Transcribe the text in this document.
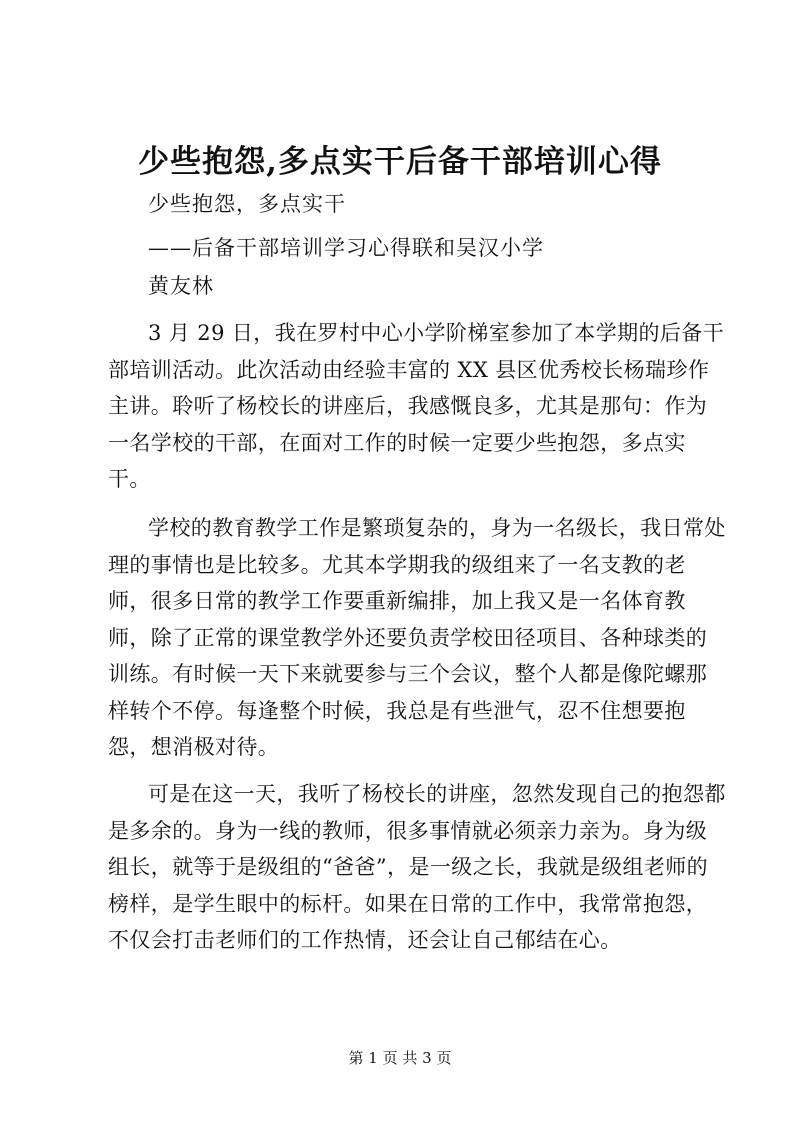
少些抱怨,多点实干后备干部培训心得
少些抱怨，多点实干
——后备干部培训学习心得联和吴汉小学
黄友林

3 月 29 日，我在罗村中心小学阶梯室参加了本学期的后备干部培训活动。此次活动由经验丰富的 XX 县区优秀校长杨瑞珍作主讲。聆听了杨校长的讲座后，我感慨良多，尤其是那句：作为一名学校的干部，在面对工作的时候一定要少些抱怨，多点实干。

学校的教育教学工作是繁琐复杂的，身为一名级长，我日常处理的事情也是比较多。尤其本学期我的级组来了一名支教的老师，很多日常的教学工作要重新编排，加上我又是一名体育教师，除了正常的课堂教学外还要负责学校田径项目、各种球类的训练。有时候一天下来就要参与三个会议，整个人都是像陀螺那样转个不停。每逢整个时候，我总是有些泄气，忍不住想要抱怨，想消极对待。

可是在这一天，我听了杨校长的讲座，忽然发现自己的抱怨都是多余的。身为一线的教师，很多事情就必须亲力亲为。身为级组长，就等于是级组的“爸爸”，是一级之长，我就是级组老师的榜样，是学生眼中的标杆。如果在日常的工作中，我常常抱怨，不仅会打击老师们的工作热情，还会让自己郁结在心。

第 1 页 共 3 页
